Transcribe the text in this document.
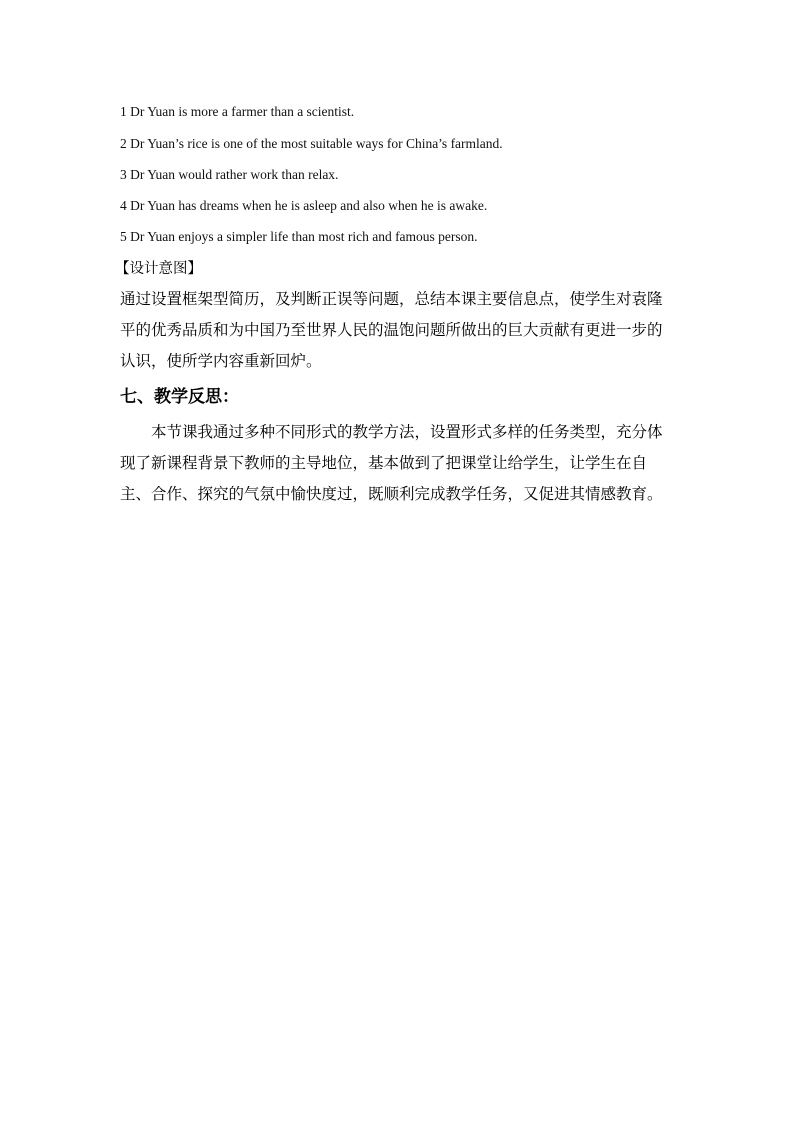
1 Dr Yuan is more a farmer than a scientist.

2 Dr Yuan’s rice is one of the most suitable ways for China’s farmland.

3 Dr Yuan would rather work than relax.

4 Dr Yuan has dreams when he is asleep and also when he is awake.

5 Dr Yuan enjoys a simpler life than most rich and famous person.

【设计意图】

通过设置框架型简历，及判断正误等问题，总结本课主要信息点，使学生对袁隆平的优秀品质和为中国乃至世界人民的温饱问题所做出的巨大贡献有更进一步的认识，使所学内容重新回炉。

七、教学反思：

本节课我通过多种不同形式的教学方法，设置形式多样的任务类型，充分体现了新课程背景下教师的主导地位，基本做到了把课堂让给学生，让学生在自主、合作、探究的气氛中愉快度过，既顺利完成教学任务，又促进其情感教育。
